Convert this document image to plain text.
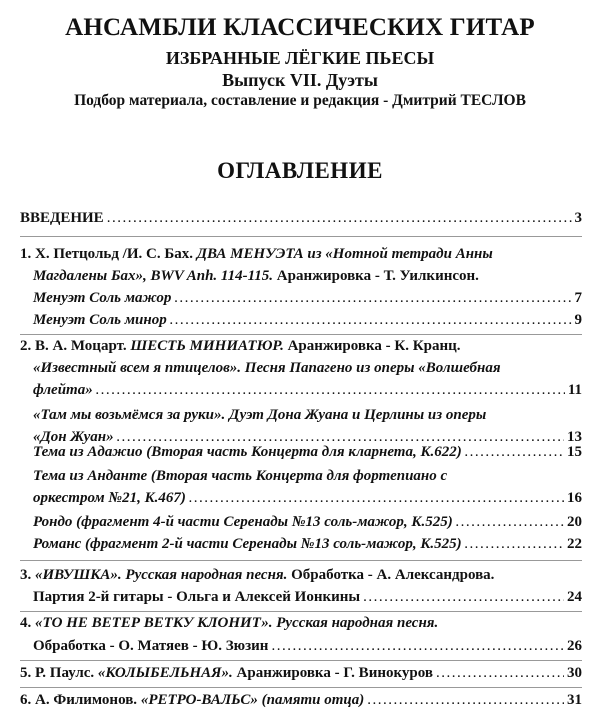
АНСАМБЛИ КЛАССИЧЕСКИХ ГИТАР
ИЗБРАННЫЕ ЛЁГКИЕ ПЬЕСЫ
Выпуск VII. Дуэты
Подбор материала, составление и редакция - Дмитрий ТЕСЛОВ
ОГЛАВЛЕНИЕ
ВВЕДЕНИЕ .....	3
1. Х. Петцольд /И. С. Бах. ДВА МЕНУЭТА из «Нотной тетради Анны
Магдалены Бах», BWV Anh. 114-115. Аранжировка - Т. Уилкинсон.
Менуэт Соль мажор .....	7
Менуэт Соль минор .....	9
2. В. А. Моцарт. ШЕСТЬ МИНИАТЮР. Аранжировка - К. Кранц.
«Известный всем я птицелов». Песня Папагено из оперы «Волшебная
флейта» .....	11
«Там мы возьмёмся за руки». Дуэт Дона Жуана и Церлины из оперы
«Дон Жуан» .....	13
Тема из Адажио (Вторая часть Концерта для кларнета, K.622) .....	15
Тема из Анданте (Вторая часть Концерта для фортепиано с
оркестром №21, K.467) .....	16
Рондо (фрагмент 4-й части Серенады №13 соль-мажор, K.525) .....	20
Романс (фрагмент 2-й части Серенады №13 соль-мажор, K.525) .....	22
3. «ИВУШКА». Русская народная песня. Обработка - А. Александрова.
Партия 2-й гитары - Ольга и Алексей Ионкины .....	24
4. «ТО НЕ ВЕТЕР ВЕТКУ КЛОНИТ». Русская народная песня.
Обработка - О. Матяев - Ю. Зюзин .....	26
5. Р. Паулс. «КОЛЫБЕЛЬНАЯ». Аранжировка - Г. Винокуров .....	30
6. А. Филимонов. «РЕТРО-ВАЛЬС» (памяти отца) .....	31
